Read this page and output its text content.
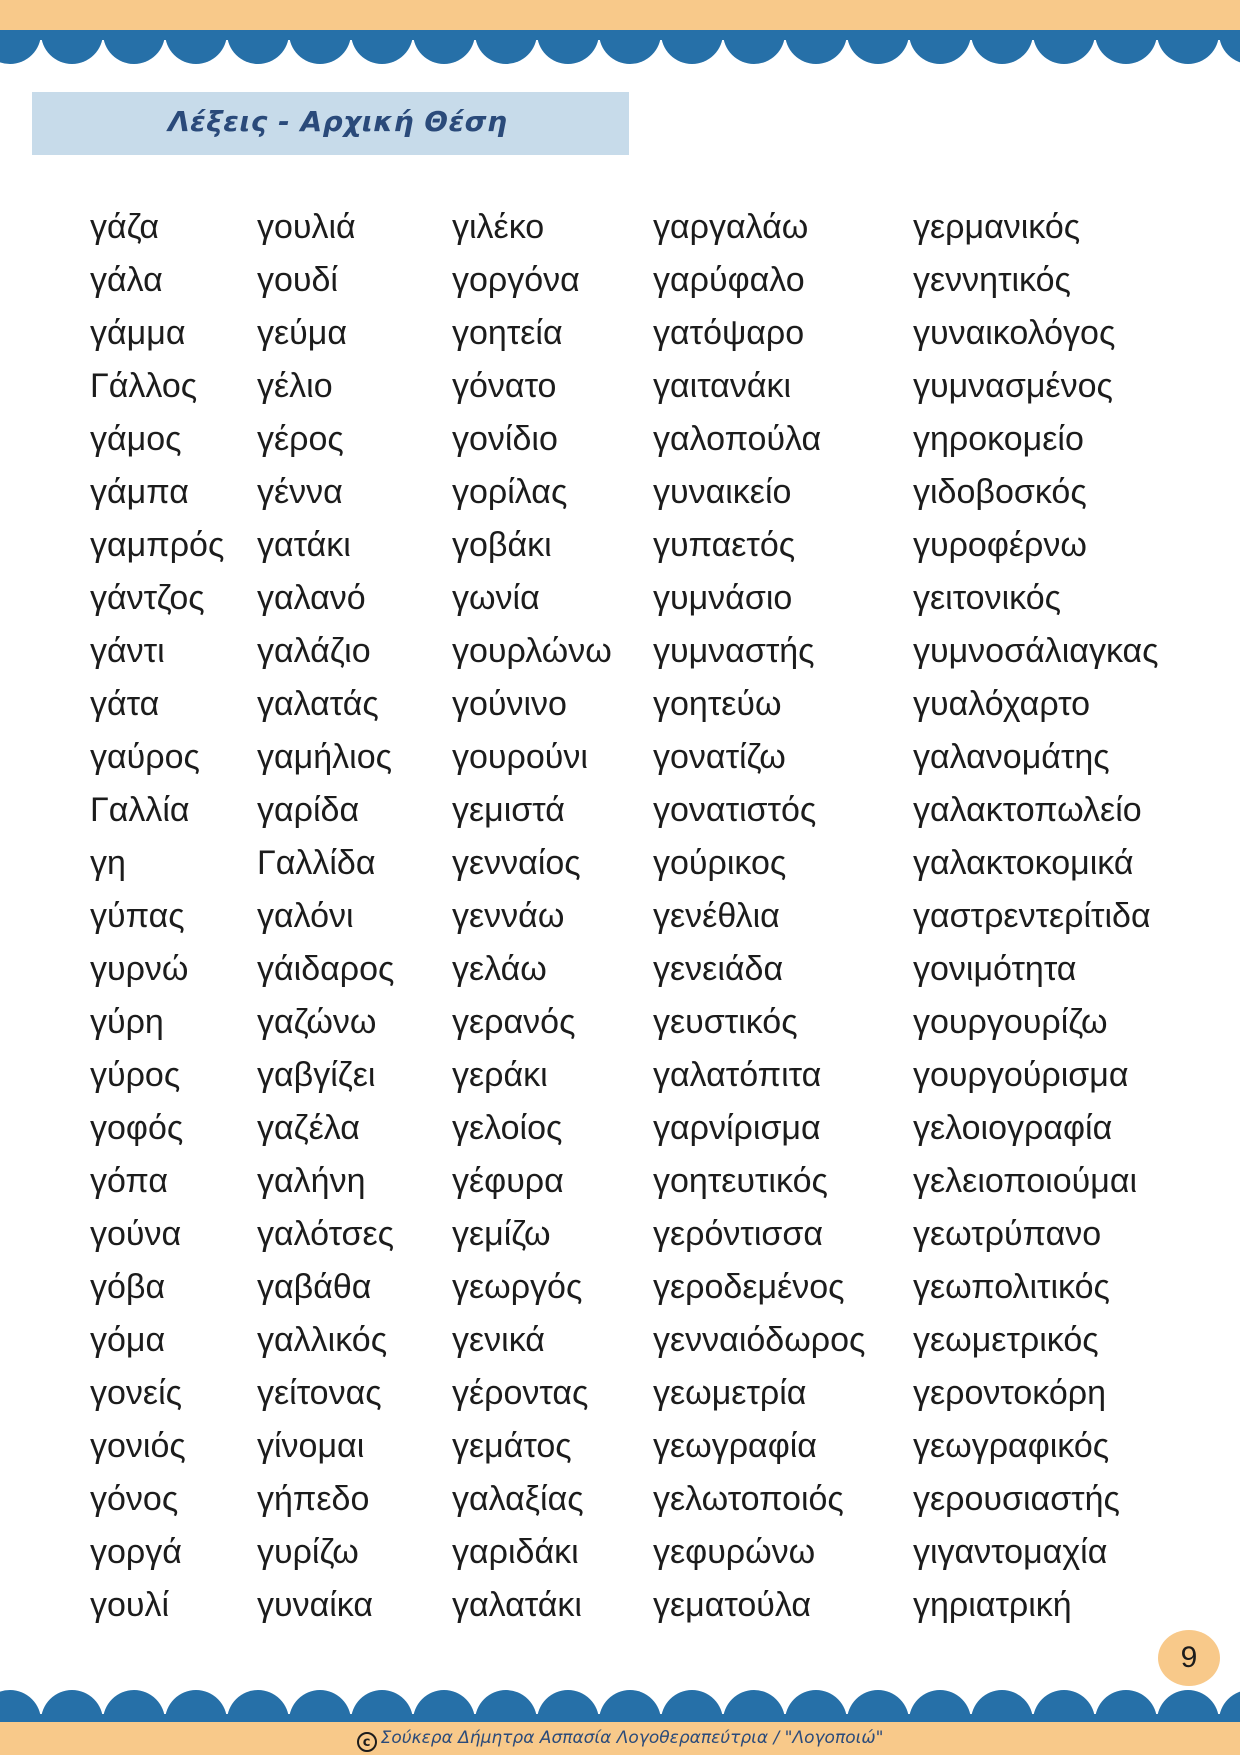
Λέξεις - Αρχική Θέση
γάζα
γάλα
γάμμα
Γάλλος
γάμος
γάμπα
γαμπρός
γάντζος
γάντι
γάτα
γαύρος
Γαλλία
γη
γύπας
γυρνώ
γύρη
γύρος
γοφός
γόπα
γούνα
γόβα
γόμα
γονείς
γονιός
γόνος
γοργά
γουλί
γουλιά
γουδί
γεύμα
γέλιο
γέρος
γέννα
γατάκι
γαλανό
γαλάζιο
γαλατάς
γαμήλιος
γαρίδα
Γαλλίδα
γαλόνι
γάιδαρος
γαζώνω
γαβγίζει
γαζέλα
γαλήνη
γαλότσες
γαβάθα
γαλλικός
γείτονας
γίνομαι
γήπεδο
γυρίζω
γυναίκα
γιλέκο
γοργόνα
γοητεία
γόνατο
γονίδιο
γορίλας
γοβάκι
γωνία
γουρλώνω
γούνινο
γουρούνι
γεμιστά
γενναίος
γεννάω
γελάω
γερανός
γεράκι
γελοίος
γέφυρα
γεμίζω
γεωργός
γενικά
γέροντας
γεμάτος
γαλαξίας
γαριδάκι
γαλατάκι
γαργαλάω
γαρύφαλο
γατόψαρο
γαιτανάκι
γαλοπούλα
γυναικείο
γυπαετός
γυμνάσιο
γυμναστής
γοητεύω
γονατίζω
γονατιστός
γούρικος
γενέθλια
γενειάδα
γευστικός
γαλατόπιτα
γαρνίρισμα
γοητευτικός
γερόντισσα
γεροδεμένος
γενναιόδωρος
γεωμετρία
γεωγραφία
γελωτοποιός
γεφυρώνω
γεματούλα
γερμανικός
γεννητικός
γυναικολόγος
γυμνασμένος
γηροκομείο
γιδοβοσκός
γυροφέρνω
γειτονικός
γυμνοσάλιαγκας
γυαλόχαρτο
γαλανομάτης
γαλακτοπωλείο
γαλακτοκομικά
γαστρεντερίτιδα
γονιμότητα
γουργουρίζω
γουργούρισμα
γελοιογραφία
γελειοποιούμαι
γεωτρύπανο
γεωπολιτικός
γεωμετρικός
γεροντοκόρη
γεωγραφικός
γερουσιαστής
γιγαντομαχία
γηριατρική
9
c Σούκερα Δήμητρα Ασπασία Λογοθεραπεύτρια / "Λογοποιώ"
